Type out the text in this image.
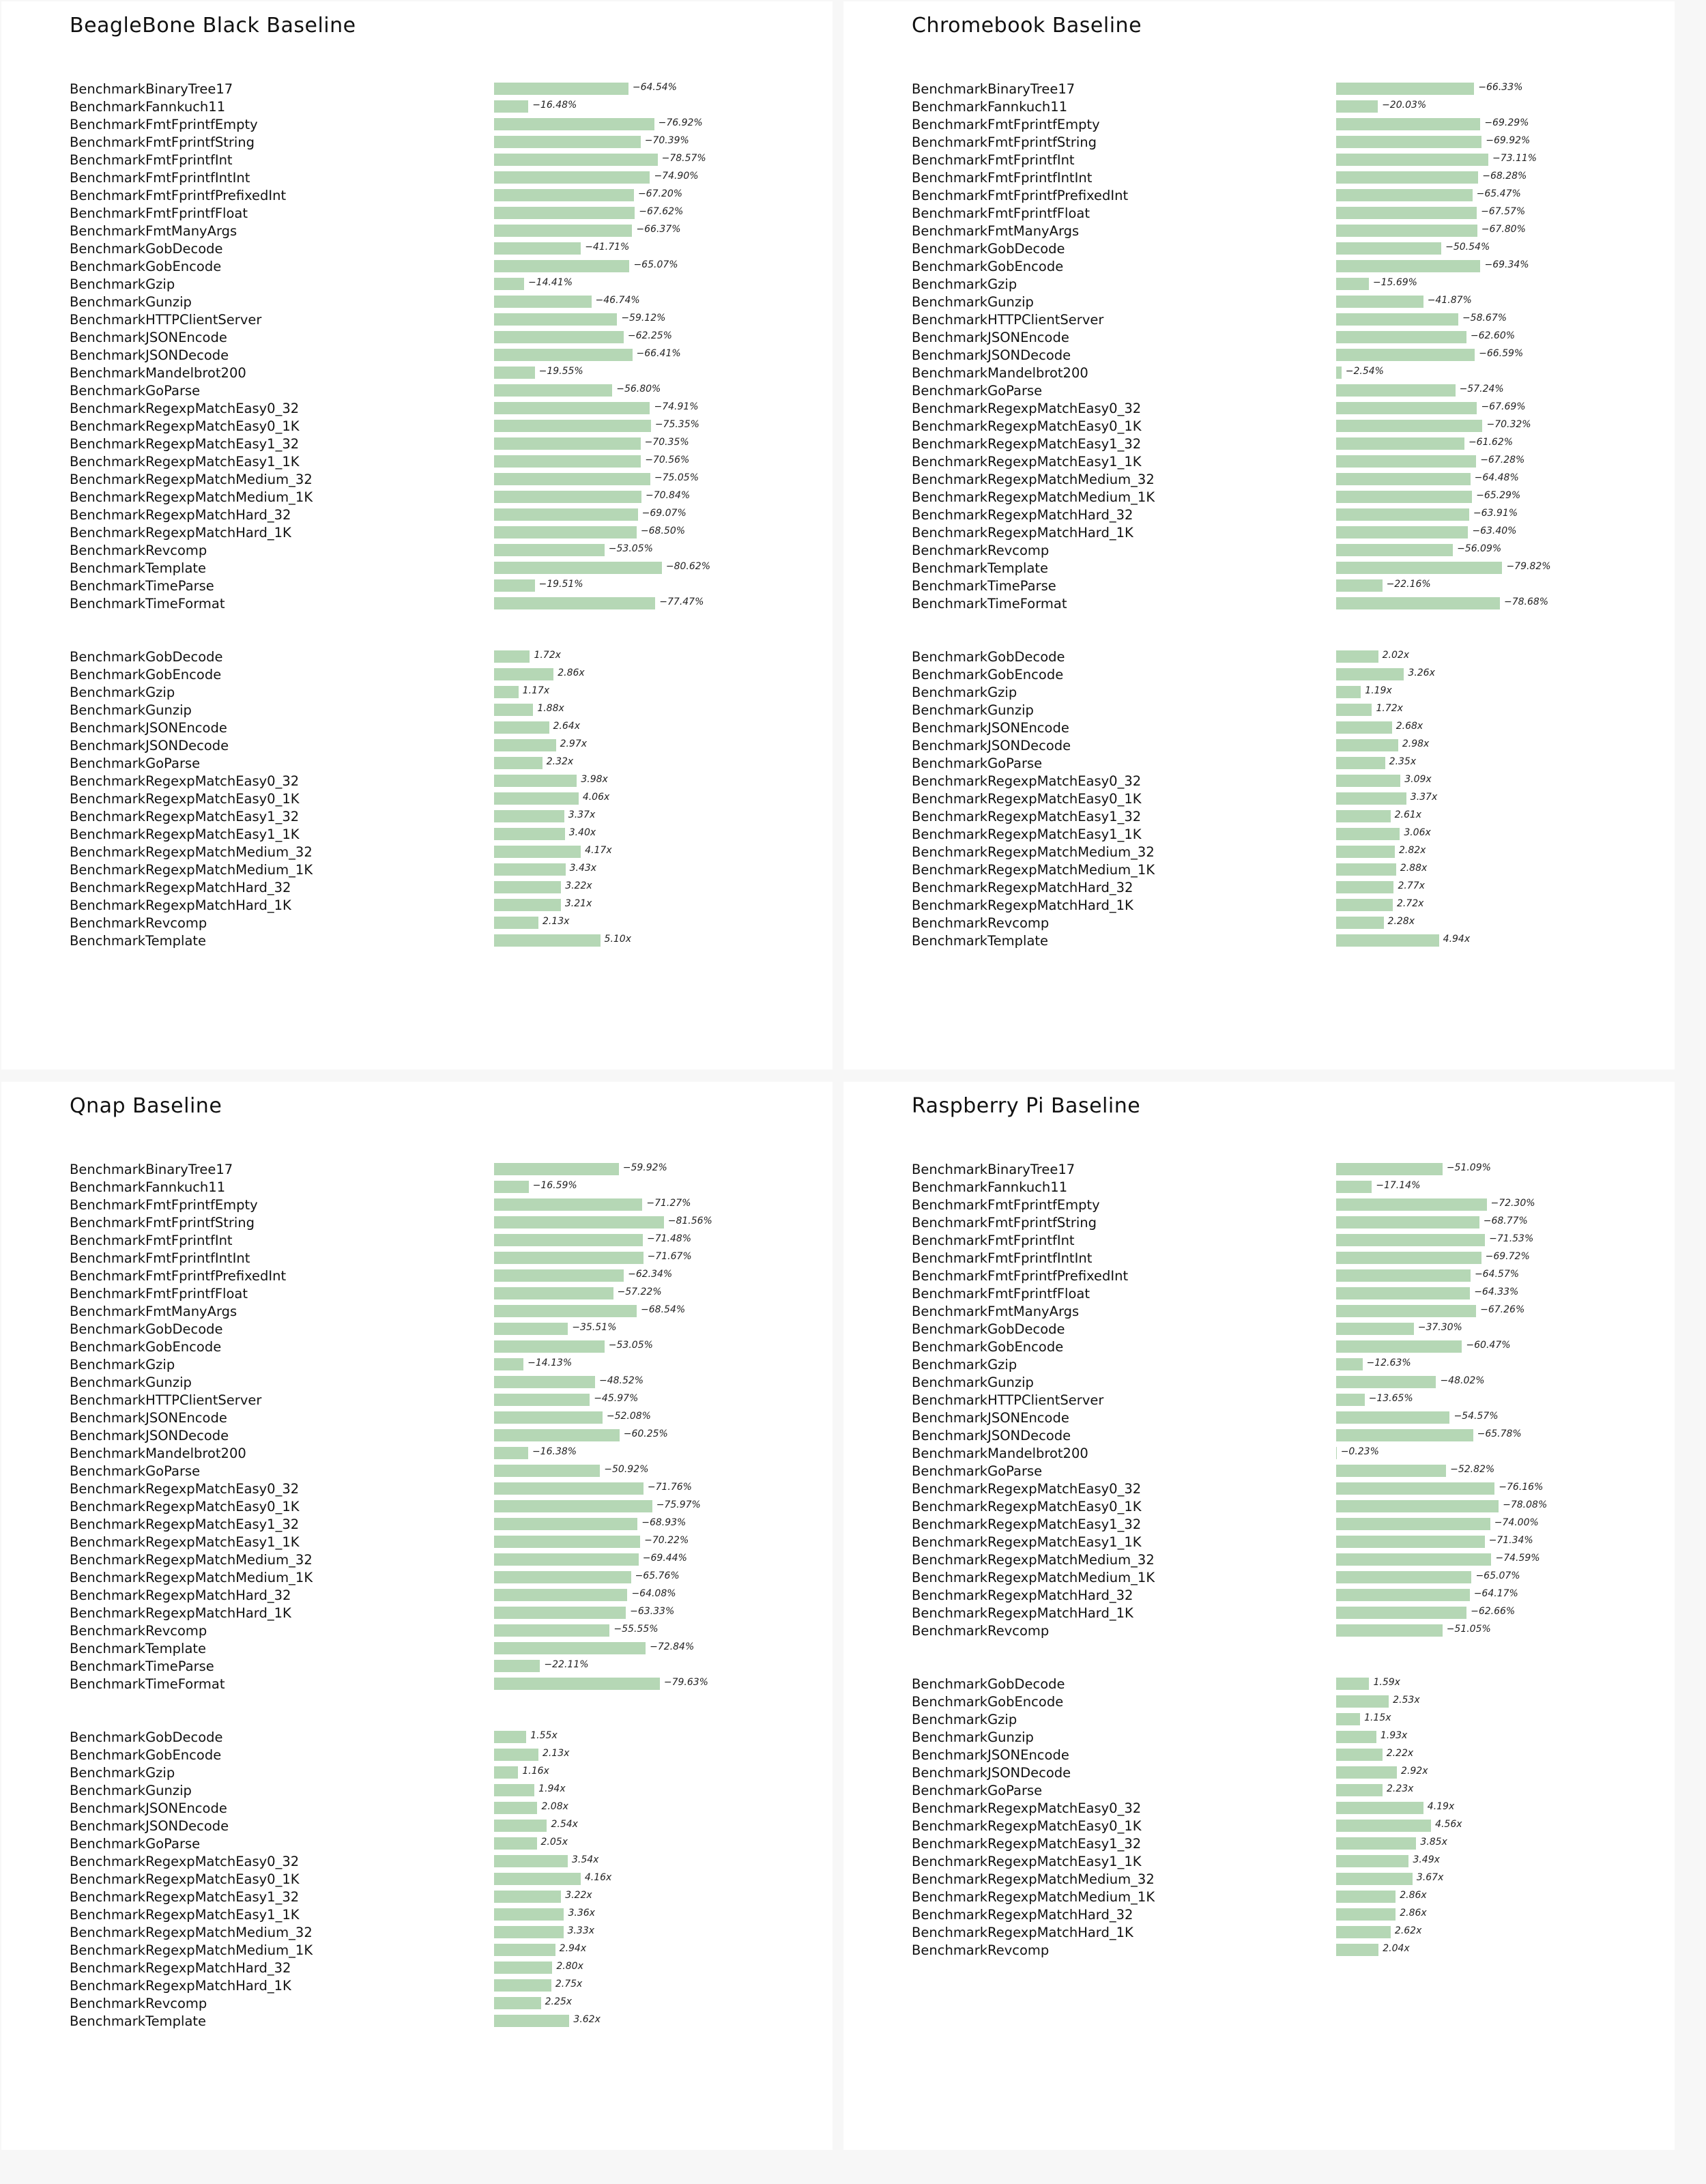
BeagleBone Black Baseline
BenchmarkBinaryTree17	−64.54%
BenchmarkFannkuch11	−16.48%
BenchmarkFmtFprintfEmpty	−76.92%
BenchmarkFmtFprintfString	−70.39%
BenchmarkFmtFprintfInt	−78.57%
BenchmarkFmtFprintfIntInt	−74.90%
BenchmarkFmtFprintfPrefixedInt	−67.20%
BenchmarkFmtFprintfFloat	−67.62%
BenchmarkFmtManyArgs	−66.37%
BenchmarkGobDecode	−41.71%
BenchmarkGobEncode	−65.07%
BenchmarkGzip	−14.41%
BenchmarkGunzip	−46.74%
BenchmarkHTTPClientServer	−59.12%
BenchmarkJSONEncode	−62.25%
BenchmarkJSONDecode	−66.41%
BenchmarkMandelbrot200	−19.55%
BenchmarkGoParse	−56.80%
BenchmarkRegexpMatchEasy0_32	−74.91%
BenchmarkRegexpMatchEasy0_1K	−75.35%
BenchmarkRegexpMatchEasy1_32	−70.35%
BenchmarkRegexpMatchEasy1_1K	−70.56%
BenchmarkRegexpMatchMedium_32	−75.05%
BenchmarkRegexpMatchMedium_1K	−70.84%
BenchmarkRegexpMatchHard_32	−69.07%
BenchmarkRegexpMatchHard_1K	−68.50%
BenchmarkRevcomp	−53.05%
BenchmarkTemplate	−80.62%
BenchmarkTimeParse	−19.51%
BenchmarkTimeFormat	−77.47%
BenchmarkGobDecode	1.72x
BenchmarkGobEncode	2.86x
BenchmarkGzip	1.17x
BenchmarkGunzip	1.88x
BenchmarkJSONEncode	2.64x
BenchmarkJSONDecode	2.97x
BenchmarkGoParse	2.32x
BenchmarkRegexpMatchEasy0_32	3.98x
BenchmarkRegexpMatchEasy0_1K	4.06x
BenchmarkRegexpMatchEasy1_32	3.37x
BenchmarkRegexpMatchEasy1_1K	3.40x
BenchmarkRegexpMatchMedium_32	4.17x
BenchmarkRegexpMatchMedium_1K	3.43x
BenchmarkRegexpMatchHard_32	3.22x
BenchmarkRegexpMatchHard_1K	3.21x
BenchmarkRevcomp	2.13x
BenchmarkTemplate	5.10x
Chromebook Baseline
BenchmarkBinaryTree17	−66.33%
BenchmarkFannkuch11	−20.03%
BenchmarkFmtFprintfEmpty	−69.29%
BenchmarkFmtFprintfString	−69.92%
BenchmarkFmtFprintfInt	−73.11%
BenchmarkFmtFprintfIntInt	−68.28%
BenchmarkFmtFprintfPrefixedInt	−65.47%
BenchmarkFmtFprintfFloat	−67.57%
BenchmarkFmtManyArgs	−67.80%
BenchmarkGobDecode	−50.54%
BenchmarkGobEncode	−69.34%
BenchmarkGzip	−15.69%
BenchmarkGunzip	−41.87%
BenchmarkHTTPClientServer	−58.67%
BenchmarkJSONEncode	−62.60%
BenchmarkJSONDecode	−66.59%
BenchmarkMandelbrot200	−2.54%
BenchmarkGoParse	−57.24%
BenchmarkRegexpMatchEasy0_32	−67.69%
BenchmarkRegexpMatchEasy0_1K	−70.32%
BenchmarkRegexpMatchEasy1_32	−61.62%
BenchmarkRegexpMatchEasy1_1K	−67.28%
BenchmarkRegexpMatchMedium_32	−64.48%
BenchmarkRegexpMatchMedium_1K	−65.29%
BenchmarkRegexpMatchHard_32	−63.91%
BenchmarkRegexpMatchHard_1K	−63.40%
BenchmarkRevcomp	−56.09%
BenchmarkTemplate	−79.82%
BenchmarkTimeParse	−22.16%
BenchmarkTimeFormat	−78.68%
BenchmarkGobDecode	2.02x
BenchmarkGobEncode	3.26x
BenchmarkGzip	1.19x
BenchmarkGunzip	1.72x
BenchmarkJSONEncode	2.68x
BenchmarkJSONDecode	2.98x
BenchmarkGoParse	2.35x
BenchmarkRegexpMatchEasy0_32	3.09x
BenchmarkRegexpMatchEasy0_1K	3.37x
BenchmarkRegexpMatchEasy1_32	2.61x
BenchmarkRegexpMatchEasy1_1K	3.06x
BenchmarkRegexpMatchMedium_32	2.82x
BenchmarkRegexpMatchMedium_1K	2.88x
BenchmarkRegexpMatchHard_32	2.77x
BenchmarkRegexpMatchHard_1K	2.72x
BenchmarkRevcomp	2.28x
BenchmarkTemplate	4.94x
Qnap Baseline
BenchmarkBinaryTree17	−59.92%
BenchmarkFannkuch11	−16.59%
BenchmarkFmtFprintfEmpty	−71.27%
BenchmarkFmtFprintfString	−81.56%
BenchmarkFmtFprintfInt	−71.48%
BenchmarkFmtFprintfIntInt	−71.67%
BenchmarkFmtFprintfPrefixedInt	−62.34%
BenchmarkFmtFprintfFloat	−57.22%
BenchmarkFmtManyArgs	−68.54%
BenchmarkGobDecode	−35.51%
BenchmarkGobEncode	−53.05%
BenchmarkGzip	−14.13%
BenchmarkGunzip	−48.52%
BenchmarkHTTPClientServer	−45.97%
BenchmarkJSONEncode	−52.08%
BenchmarkJSONDecode	−60.25%
BenchmarkMandelbrot200	−16.38%
BenchmarkGoParse	−50.92%
BenchmarkRegexpMatchEasy0_32	−71.76%
BenchmarkRegexpMatchEasy0_1K	−75.97%
BenchmarkRegexpMatchEasy1_32	−68.93%
BenchmarkRegexpMatchEasy1_1K	−70.22%
BenchmarkRegexpMatchMedium_32	−69.44%
BenchmarkRegexpMatchMedium_1K	−65.76%
BenchmarkRegexpMatchHard_32	−64.08%
BenchmarkRegexpMatchHard_1K	−63.33%
BenchmarkRevcomp	−55.55%
BenchmarkTemplate	−72.84%
BenchmarkTimeParse	−22.11%
BenchmarkTimeFormat	−79.63%
BenchmarkGobDecode	1.55x
BenchmarkGobEncode	2.13x
BenchmarkGzip	1.16x
BenchmarkGunzip	1.94x
BenchmarkJSONEncode	2.08x
BenchmarkJSONDecode	2.54x
BenchmarkGoParse	2.05x
BenchmarkRegexpMatchEasy0_32	3.54x
BenchmarkRegexpMatchEasy0_1K	4.16x
BenchmarkRegexpMatchEasy1_32	3.22x
BenchmarkRegexpMatchEasy1_1K	3.36x
BenchmarkRegexpMatchMedium_32	3.33x
BenchmarkRegexpMatchMedium_1K	2.94x
BenchmarkRegexpMatchHard_32	2.80x
BenchmarkRegexpMatchHard_1K	2.75x
BenchmarkRevcomp	2.25x
BenchmarkTemplate	3.62x
Raspberry Pi Baseline
BenchmarkBinaryTree17	−51.09%
BenchmarkFannkuch11	−17.14%
BenchmarkFmtFprintfEmpty	−72.30%
BenchmarkFmtFprintfString	−68.77%
BenchmarkFmtFprintfInt	−71.53%
BenchmarkFmtFprintfIntInt	−69.72%
BenchmarkFmtFprintfPrefixedInt	−64.57%
BenchmarkFmtFprintfFloat	−64.33%
BenchmarkFmtManyArgs	−67.26%
BenchmarkGobDecode	−37.30%
BenchmarkGobEncode	−60.47%
BenchmarkGzip	−12.63%
BenchmarkGunzip	−48.02%
BenchmarkHTTPClientServer	−13.65%
BenchmarkJSONEncode	−54.57%
BenchmarkJSONDecode	−65.78%
BenchmarkMandelbrot200	−0.23%
BenchmarkGoParse	−52.82%
BenchmarkRegexpMatchEasy0_32	−76.16%
BenchmarkRegexpMatchEasy0_1K	−78.08%
BenchmarkRegexpMatchEasy1_32	−74.00%
BenchmarkRegexpMatchEasy1_1K	−71.34%
BenchmarkRegexpMatchMedium_32	−74.59%
BenchmarkRegexpMatchMedium_1K	−65.07%
BenchmarkRegexpMatchHard_32	−64.17%
BenchmarkRegexpMatchHard_1K	−62.66%
BenchmarkRevcomp	−51.05%
BenchmarkGobDecode	1.59x
BenchmarkGobEncode	2.53x
BenchmarkGzip	1.15x
BenchmarkGunzip	1.93x
BenchmarkJSONEncode	2.22x
BenchmarkJSONDecode	2.92x
BenchmarkGoParse	2.23x
BenchmarkRegexpMatchEasy0_32	4.19x
BenchmarkRegexpMatchEasy0_1K	4.56x
BenchmarkRegexpMatchEasy1_32	3.85x
BenchmarkRegexpMatchEasy1_1K	3.49x
BenchmarkRegexpMatchMedium_32	3.67x
BenchmarkRegexpMatchMedium_1K	2.86x
BenchmarkRegexpMatchHard_32	2.86x
BenchmarkRegexpMatchHard_1K	2.62x
BenchmarkRevcomp	2.04x
